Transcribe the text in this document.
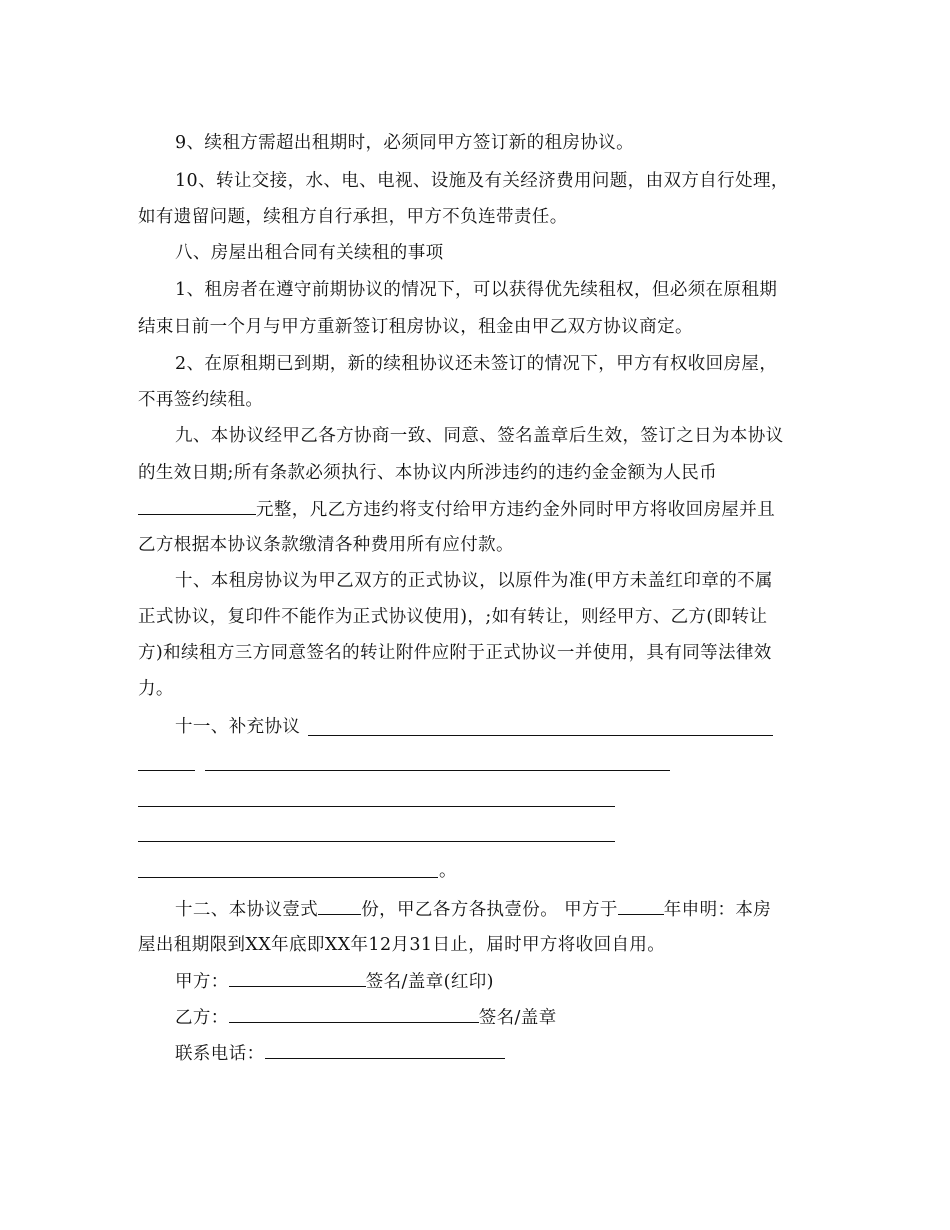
9、续租方需超出租期时，必须同甲方签订新的租房协议。
10、转让交接，水、电、电视、设施及有关经济费用问题，由双方自行处理，
如有遗留问题，续租方自行承担，甲方不负连带责任。
八、房屋出租合同有关续租的事项
1、租房者在遵守前期协议的情况下，可以获得优先续租权，但必须在原租期
结束日前一个月与甲方重新签订租房协议，租金由甲乙双方协议商定。
2、在原租期已到期，新的续租协议还未签订的情况下，甲方有权收回房屋，
不再签约续租。
九、本协议经甲乙各方协商一致、同意、签名盖章后生效，签订之日为本协议
的生效日期;所有条款必须执行、本协议内所涉违约的违约金金额为人民币
元整，凡乙方违约将支付给甲方违约金外同时甲方将收回房屋并且
乙方根据本协议条款缴清各种费用所有应付款。
十、本租房协议为甲乙双方的正式协议，以原件为准(甲方未盖红印章的不属
正式协议，复印件不能作为正式协议使用)，;如有转让，则经甲方、乙方(即转让
方)和续租方三方同意签名的转让附件应附于正式协议一并使用，具有同等法律效
力。
十一、补充协议
。
十二、本协议壹式 份，甲乙各方各执壹份。 甲方于	年申明：本房
屋出租期限到XX年底即XX年12月31日止，届时甲方将收回自用。
甲方：	签名/盖章(红印)
乙方：	签名/盖章
联系电话：
